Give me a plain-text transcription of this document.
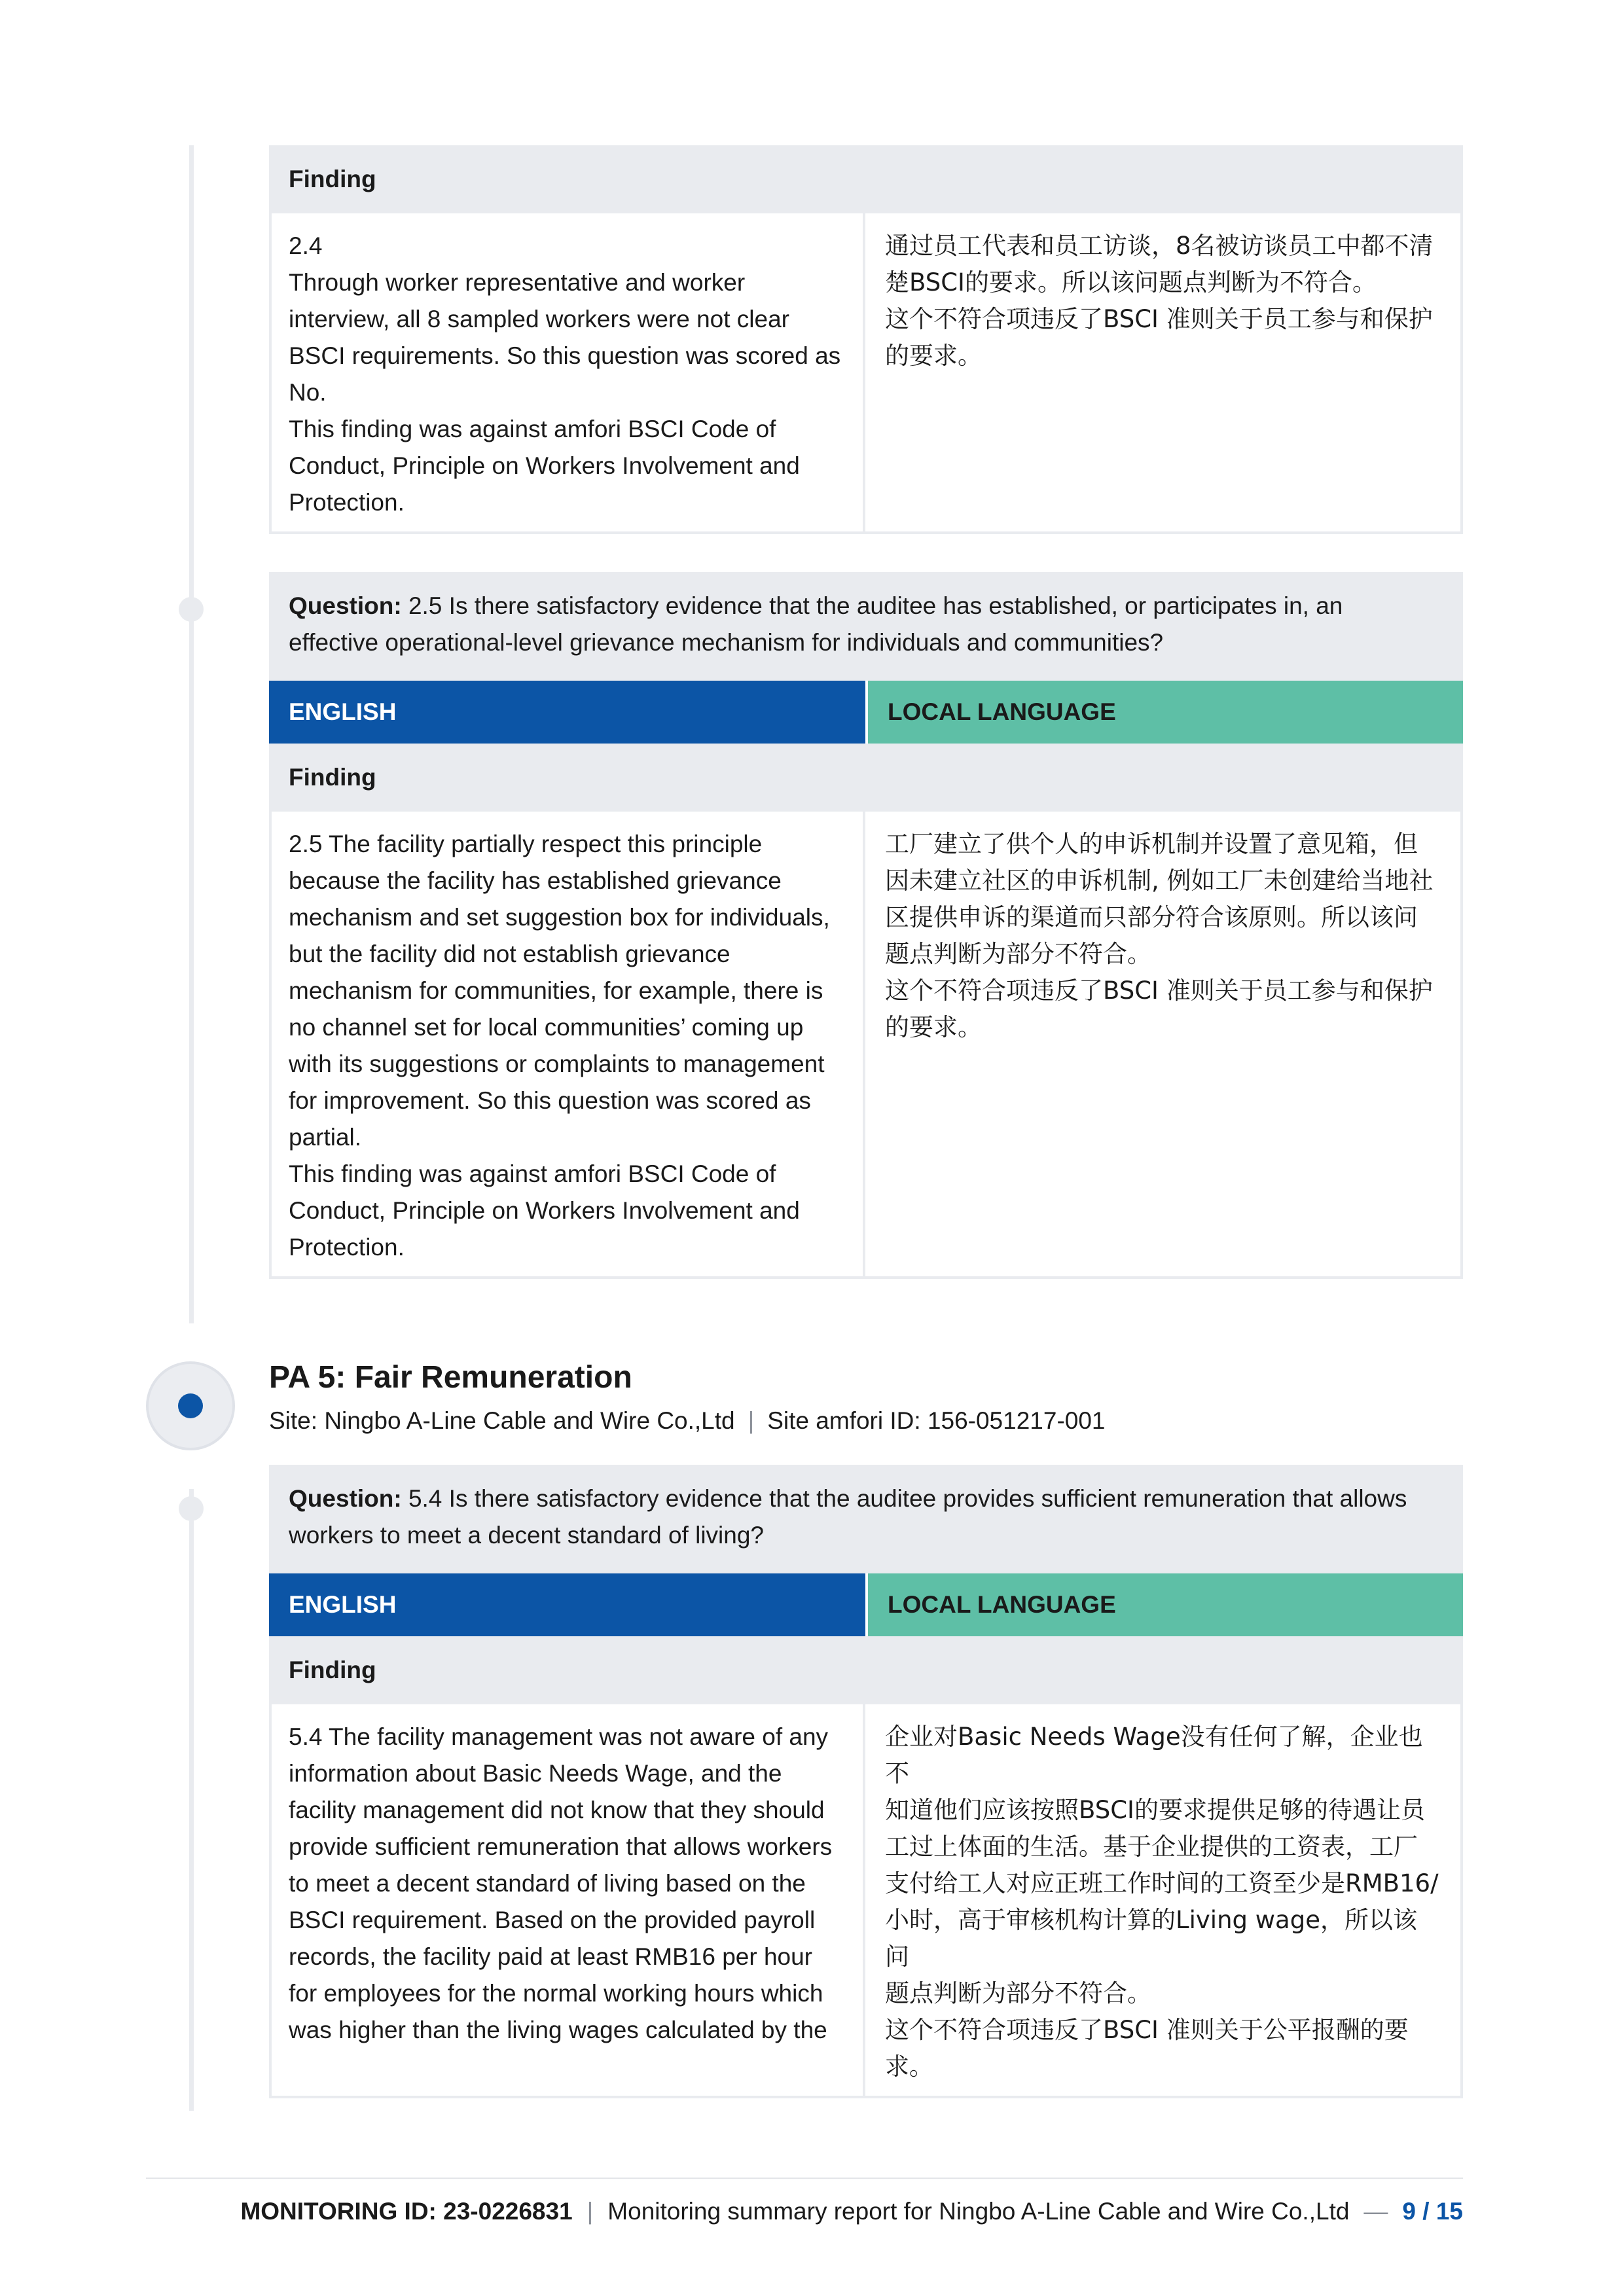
Finding

2.4

Through worker representative and worker

interview, all 8 sampled workers were not clear

BSCI requirements. So this question was scored as

No.

This finding was against amfori BSCI Code of

Conduct, Principle on Workers Involvement and

Protection.

通过员工代表和员工访谈，8名被访谈员工中都不清

楚BSCI的要求。所以该问题点判断为不符合。

这个不符合项违反了BSCI 准则关于员工参与和保护

的要求。

Question: 2.5 Is there satisfactory evidence that the auditee has established, or participates in, an
effective operational-level grievance mechanism for individuals and communities?
ENGLISH	LOCAL LANGUAGE
Finding

2.5 The facility partially respect this principle

because the facility has established grievance

mechanism and set suggestion box for individuals,

but the facility did not establish grievance

mechanism for communities, for example, there is

no channel set for local communities’ coming up

with its suggestions or complaints to management

for improvement. So this question was scored as

partial.

This finding was against amfori BSCI Code of

Conduct, Principle on Workers Involvement and

Protection.

工厂建立了供个人的申诉机制并设置了意见箱，但

因未建立社区的申诉机制, 例如工厂未创建给当地社

区提供申诉的渠道而只部分符合该原则。所以该问

题点判断为部分不符合。

这个不符合项违反了BSCI 准则关于员工参与和保护

的要求。

PA 5: Fair Remuneration
Site: Ningbo A-Line Cable and Wire Co.,Ltd | Site amfori ID: 156-051217-001
Question: 5.4 Is there satisfactory evidence that the auditee provides sufficient remuneration that allows
workers to meet a decent standard of living?
ENGLISH	LOCAL LANGUAGE
Finding

5.4 The facility management was not aware of any

information about Basic Needs Wage, and the

facility management did not know that they should

provide sufficient remuneration that allows workers

to meet a decent standard of living based on the

BSCI requirement. Based on the provided payroll

records, the facility paid at least RMB16 per hour

for employees for the normal working hours which

was higher than the living wages calculated by the

企业对Basic Needs Wage没有任何了解，企业也不

知道他们应该按照BSCI的要求提供足够的待遇让员

工过上体面的生活。基于企业提供的工资表，工厂

支付给工人对应正班工作时间的工资至少是RMB16/

小时，高于审核机构计算的Living wage，所以该问

题点判断为部分不符合。

这个不符合项违反了BSCI 准则关于公平报酬的要

求。

MONITORING ID: 23-0226831 | Monitoring summary report for Ningbo A-Line Cable and Wire Co.,Ltd — 9 / 15
